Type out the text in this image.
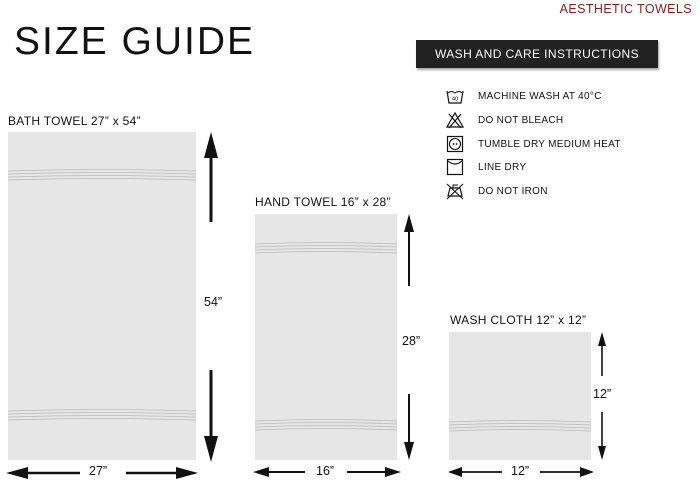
AESTHETIC TOWELS
SIZE GUIDE	WASH AND CARE INSTRUCTIONS
40 MACHINE WASH AT 40°C
DO NOT BLEACH
TUMBLE DRY MEDIUM HEAT
LINE DRY
DO NOT IRON
BATH TOWEL 27” x 54”
54”
27”
HAND TOWEL 16” x 28”
28”
16”
WASH CLOTH 12” x 12”
12”
12”
